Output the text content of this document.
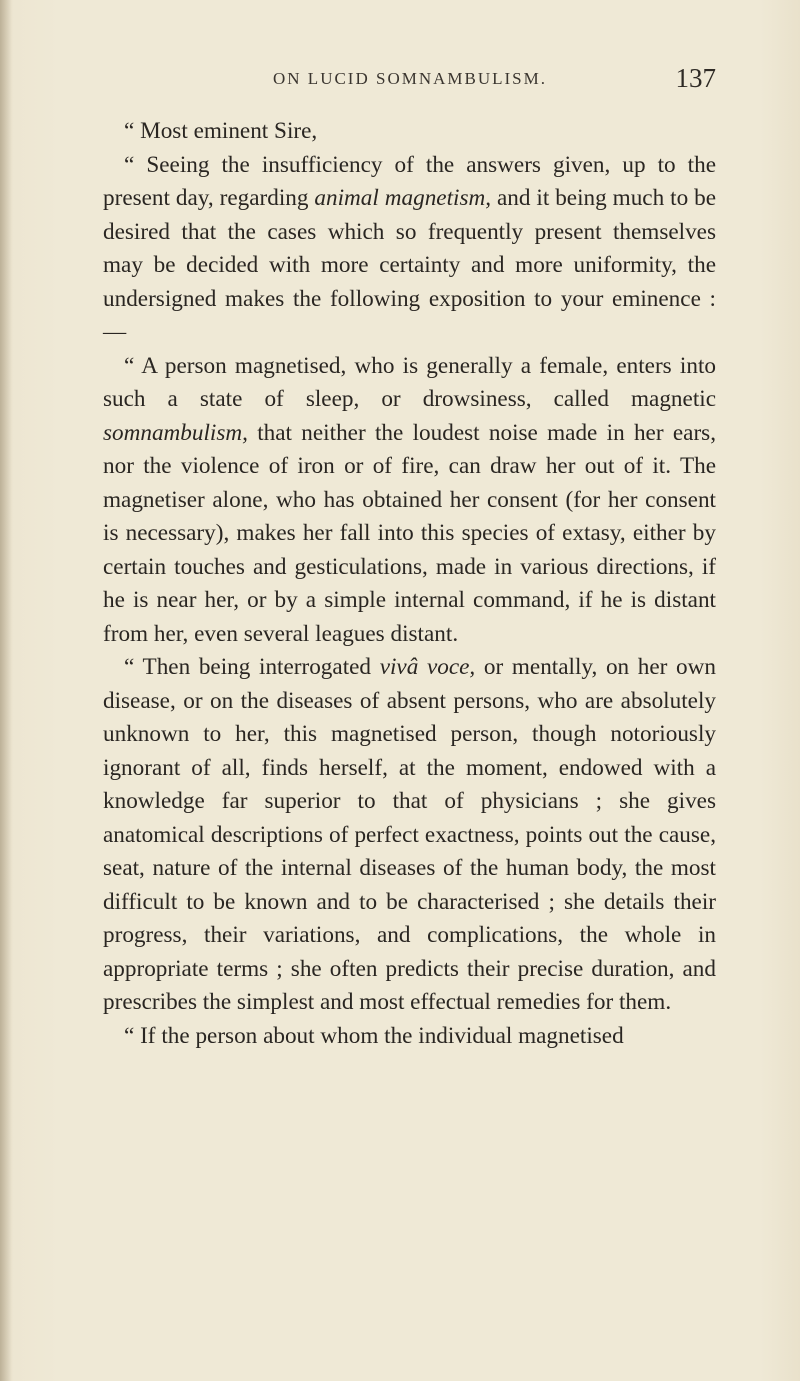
ON LUCID SOMNAMBULISM.	137

“ Most eminent Sire,

“ Seeing the insufficiency of the answers given, up to the present day, regarding animal magnetism, and it being much to be desired that the cases which so frequently present themselves may be decided with more certainty and more uniformity, the undersigned makes the following exposition to your eminence :—

“ A person magnetised, who is generally a female, enters into such a state of sleep, or drowsiness, called magnetic somnambulism, that neither the loudest noise made in her ears, nor the violence of iron or of fire, can draw her out of it. The magnetiser alone, who has obtained her consent (for her consent is necessary), makes her fall into this species of extasy, either by certain touches and gesticulations, made in various directions, if he is near her, or by a simple internal command, if he is distant from her, even several leagues distant.

“ Then being interrogated vivâ voce, or mentally, on her own disease, or on the diseases of absent persons, who are absolutely unknown to her, this magnetised person, though notoriously ignorant of all, finds herself, at the moment, endowed with a knowledge far superior to that of physicians ; she gives anatomical descriptions of perfect exactness, points out the cause, seat, nature of the internal diseases of the human body, the most difficult to be known and to be characterised ; she details their progress, their variations, and complications, the whole in appropriate terms ; she often predicts their precise duration, and prescribes the simplest and most effectual remedies for them.

“ If the person about whom the individual magnetised
